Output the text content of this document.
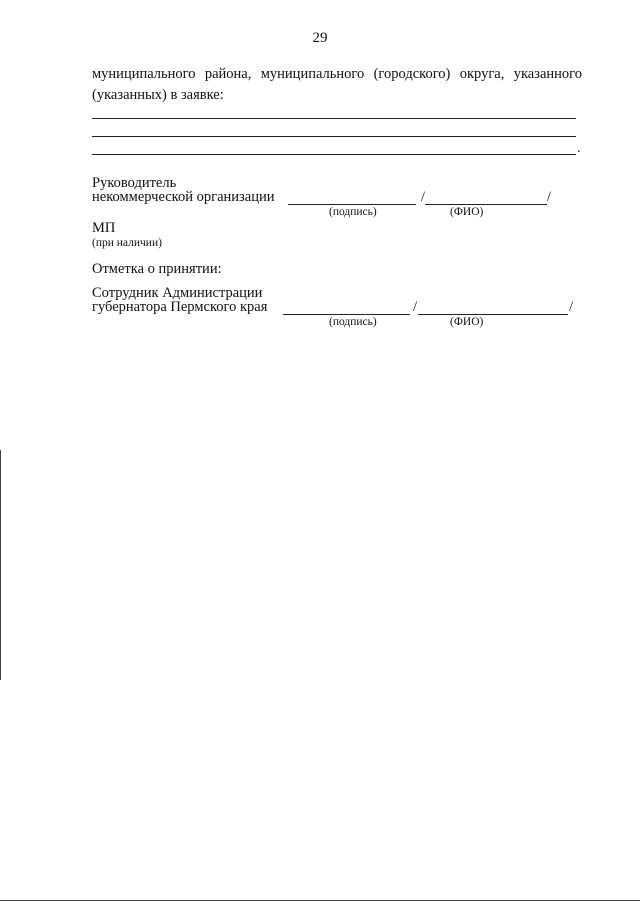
29
муниципального района, муниципального (городского) округа, указанного (указанных) в заявке:
.
Руководитель
некоммерческой организации	/	/
(подпись)	(ФИО)
МП
(при наличии)
Отметка о принятии:
Сотрудник Администрации
губернатора Пермского края	/	/
(подпись)	(ФИО)
